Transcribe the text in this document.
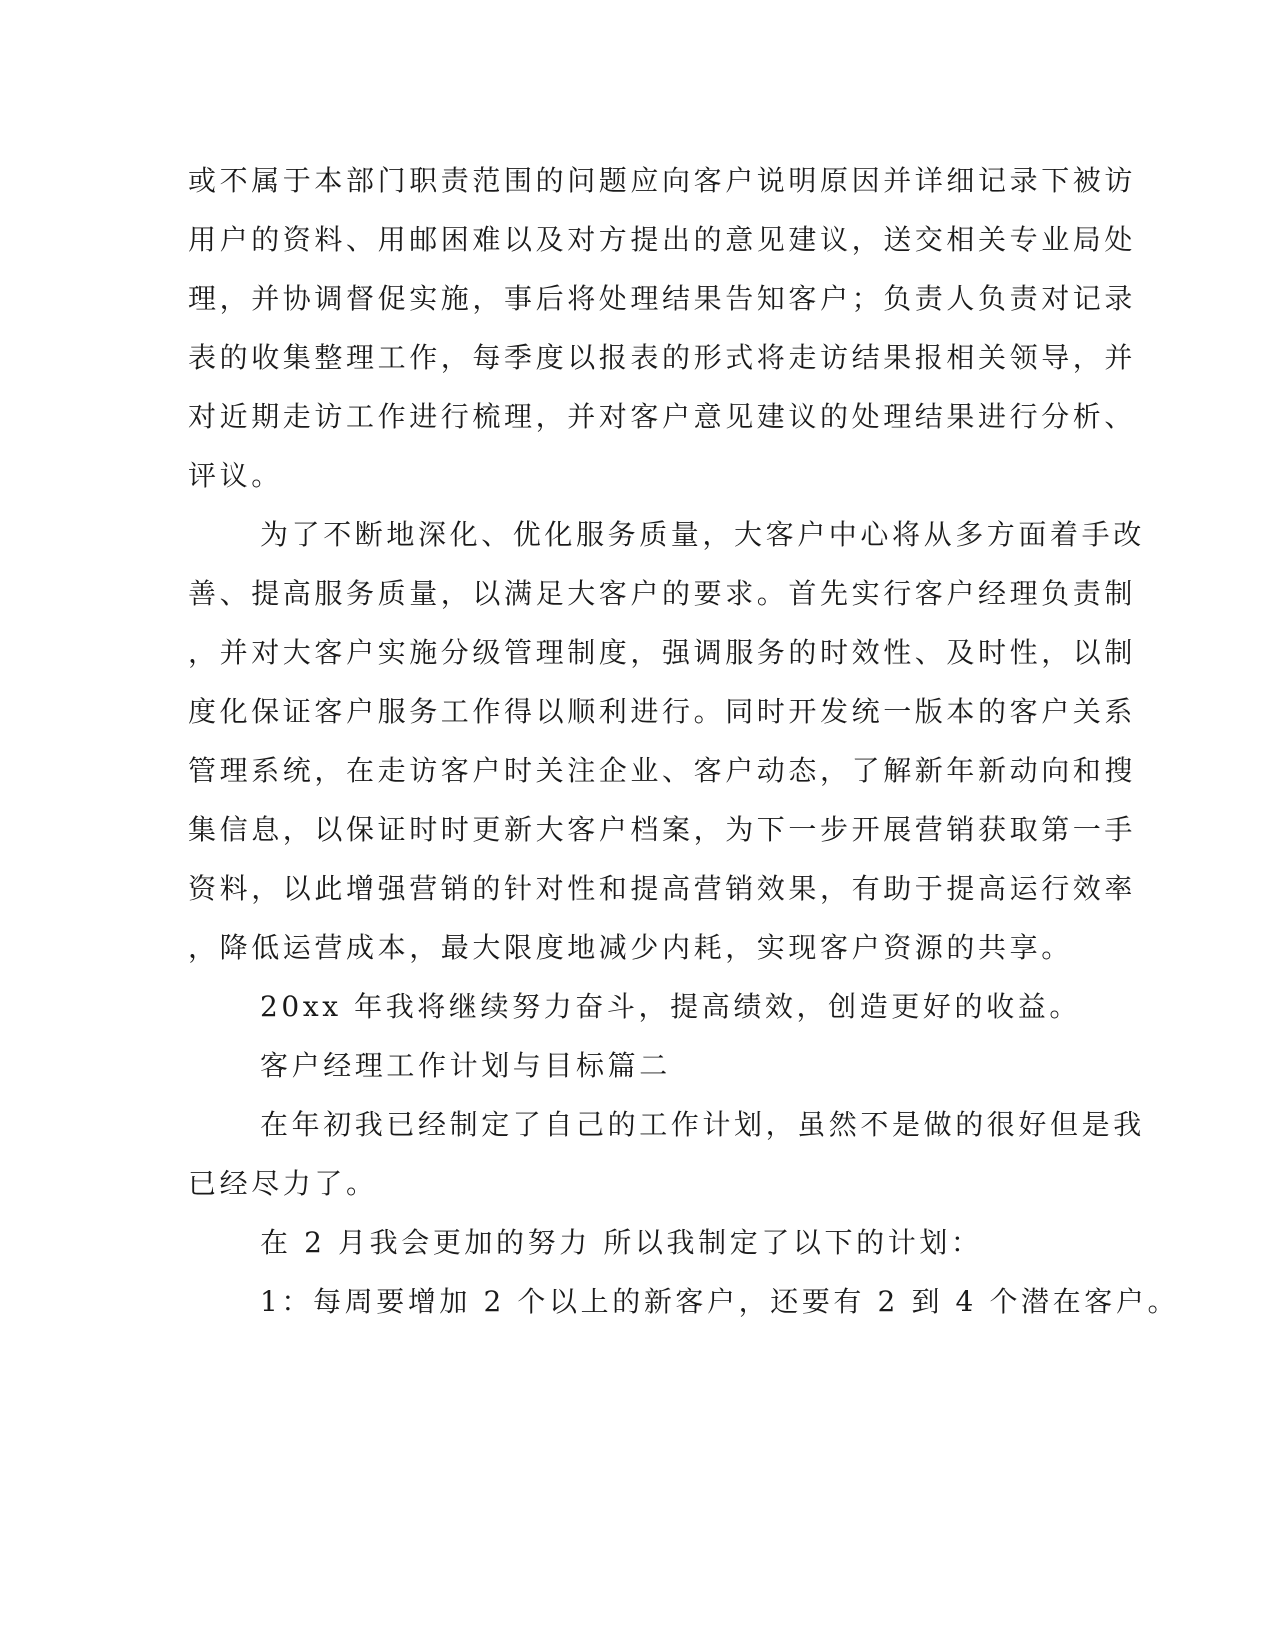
或不属于本部门职责范围的问题应向客户说明原因并详细记录下被访
用户的资料、用邮困难以及对方提出的意见建议，送交相关专业局处
理，并协调督促实施，事后将处理结果告知客户；负责人负责对记录
表的收集整理工作，每季度以报表的形式将走访结果报相关领导，并
对近期走访工作进行梳理，并对客户意见建议的处理结果进行分析、
评议。
为了不断地深化、优化服务质量，大客户中心将从多方面着手改
善、提高服务质量，以满足大客户的要求。首先实行客户经理负责制
，并对大客户实施分级管理制度，强调服务的时效性、及时性，以制
度化保证客户服务工作得以顺利进行。同时开发统一版本的客户关系
管理系统，在走访客户时关注企业、客户动态，了解新年新动向和搜
集信息，以保证时时更新大客户档案，为下一步开展营销获取第一手
资料，以此增强营销的针对性和提高营销效果，有助于提高运行效率
，降低运营成本，最大限度地减少内耗，实现客户资源的共享。
20xx 年我将继续努力奋斗，提高绩效，创造更好的收益。
客户经理工作计划与目标篇二
在年初我已经制定了自己的工作计划，虽然不是做的很好但是我
已经尽力了。
在 2 月我会更加的努力 所以我制定了以下的计划：
1：每周要增加 2 个以上的新客户，还要有 2 到 4 个潜在客户。
